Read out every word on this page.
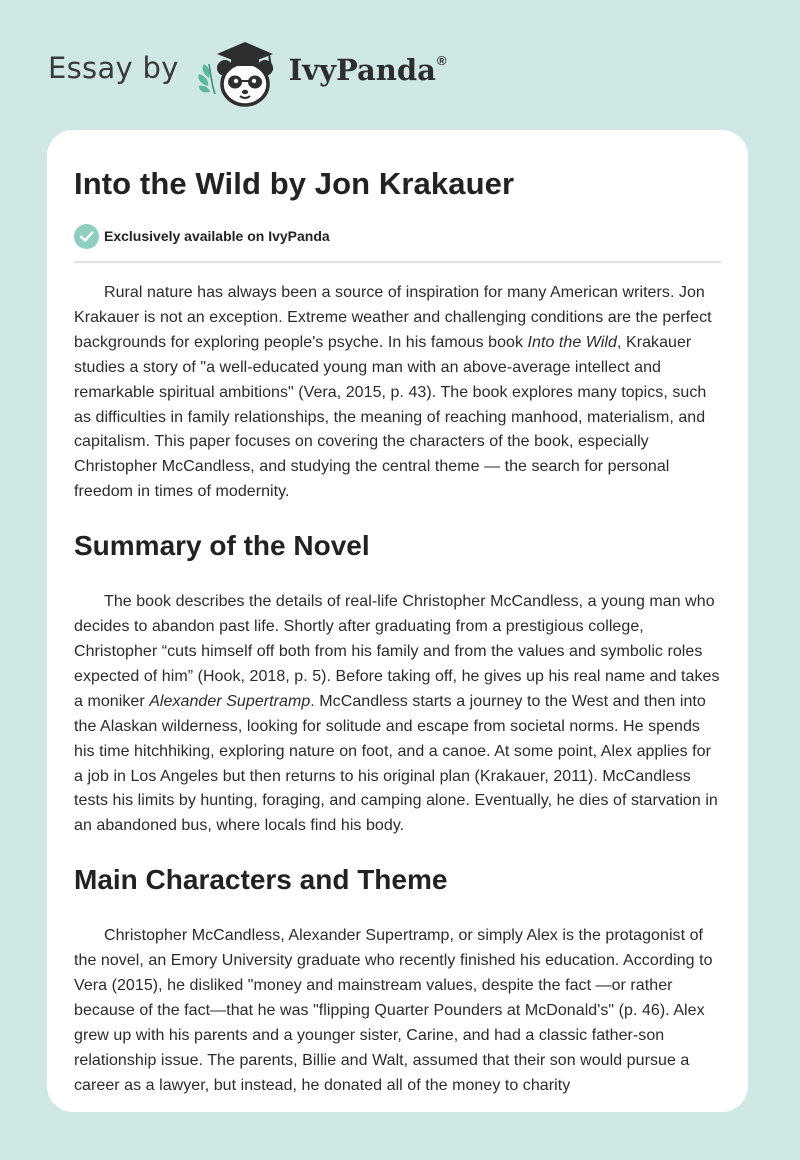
Essay by	IvyPanda®
Into the Wild by Jon Krakauer
Exclusively available on IvyPanda

Rural nature has always been a source of inspiration for many American writers. Jon Krakauer is not an exception. Extreme weather and challenging conditions are the perfect backgrounds for exploring people's psyche. In his famous book Into the Wild, Krakauer studies a story of "a well-educated young man with an above-average intellect and remarkable spiritual ambitions" (Vera, 2015, p. 43). The book explores many topics, such as difficulties in family relationships, the meaning of reaching manhood, materialism, and capitalism. This paper focuses on covering the characters of the book, especially Christopher McCandless, and studying the central theme — the search for personal freedom in times of modernity.

Summary of the Novel

The book describes the details of real-life Christopher McCandless, a young man who decides to abandon past life. Shortly after graduating from a prestigious college, Christopher “cuts himself off both from his family and from the values and symbolic roles expected of him” (Hook, 2018, p. 5). Before taking off, he gives up his real name and takes a moniker Alexander Supertramp. McCandless starts a journey to the West and then into the Alaskan wilderness, looking for solitude and escape from societal norms. He spends his time hitchhiking, exploring nature on foot, and a canoe. At some point, Alex applies for a job in Los Angeles but then returns to his original plan (Krakauer, 2011). McCandless tests his limits by hunting, foraging, and camping alone. Eventually, he dies of starvation in an abandoned bus, where locals find his body.

Main Characters and Theme

Christopher McCandless, Alexander Supertramp, or simply Alex is the protagonist of the novel, an Emory University graduate who recently finished his education. According to Vera (2015), he disliked "money and mainstream values, despite the fact —or rather because of the fact—that he was "flipping Quarter Pounders at McDonald's" (p. 46). Alex grew up with his parents and a younger sister, Carine, and had a classic father-son relationship issue. The parents, Billie and Walt, assumed that their son would pursue a career as a lawyer, but instead, he donated all of the money to charity
